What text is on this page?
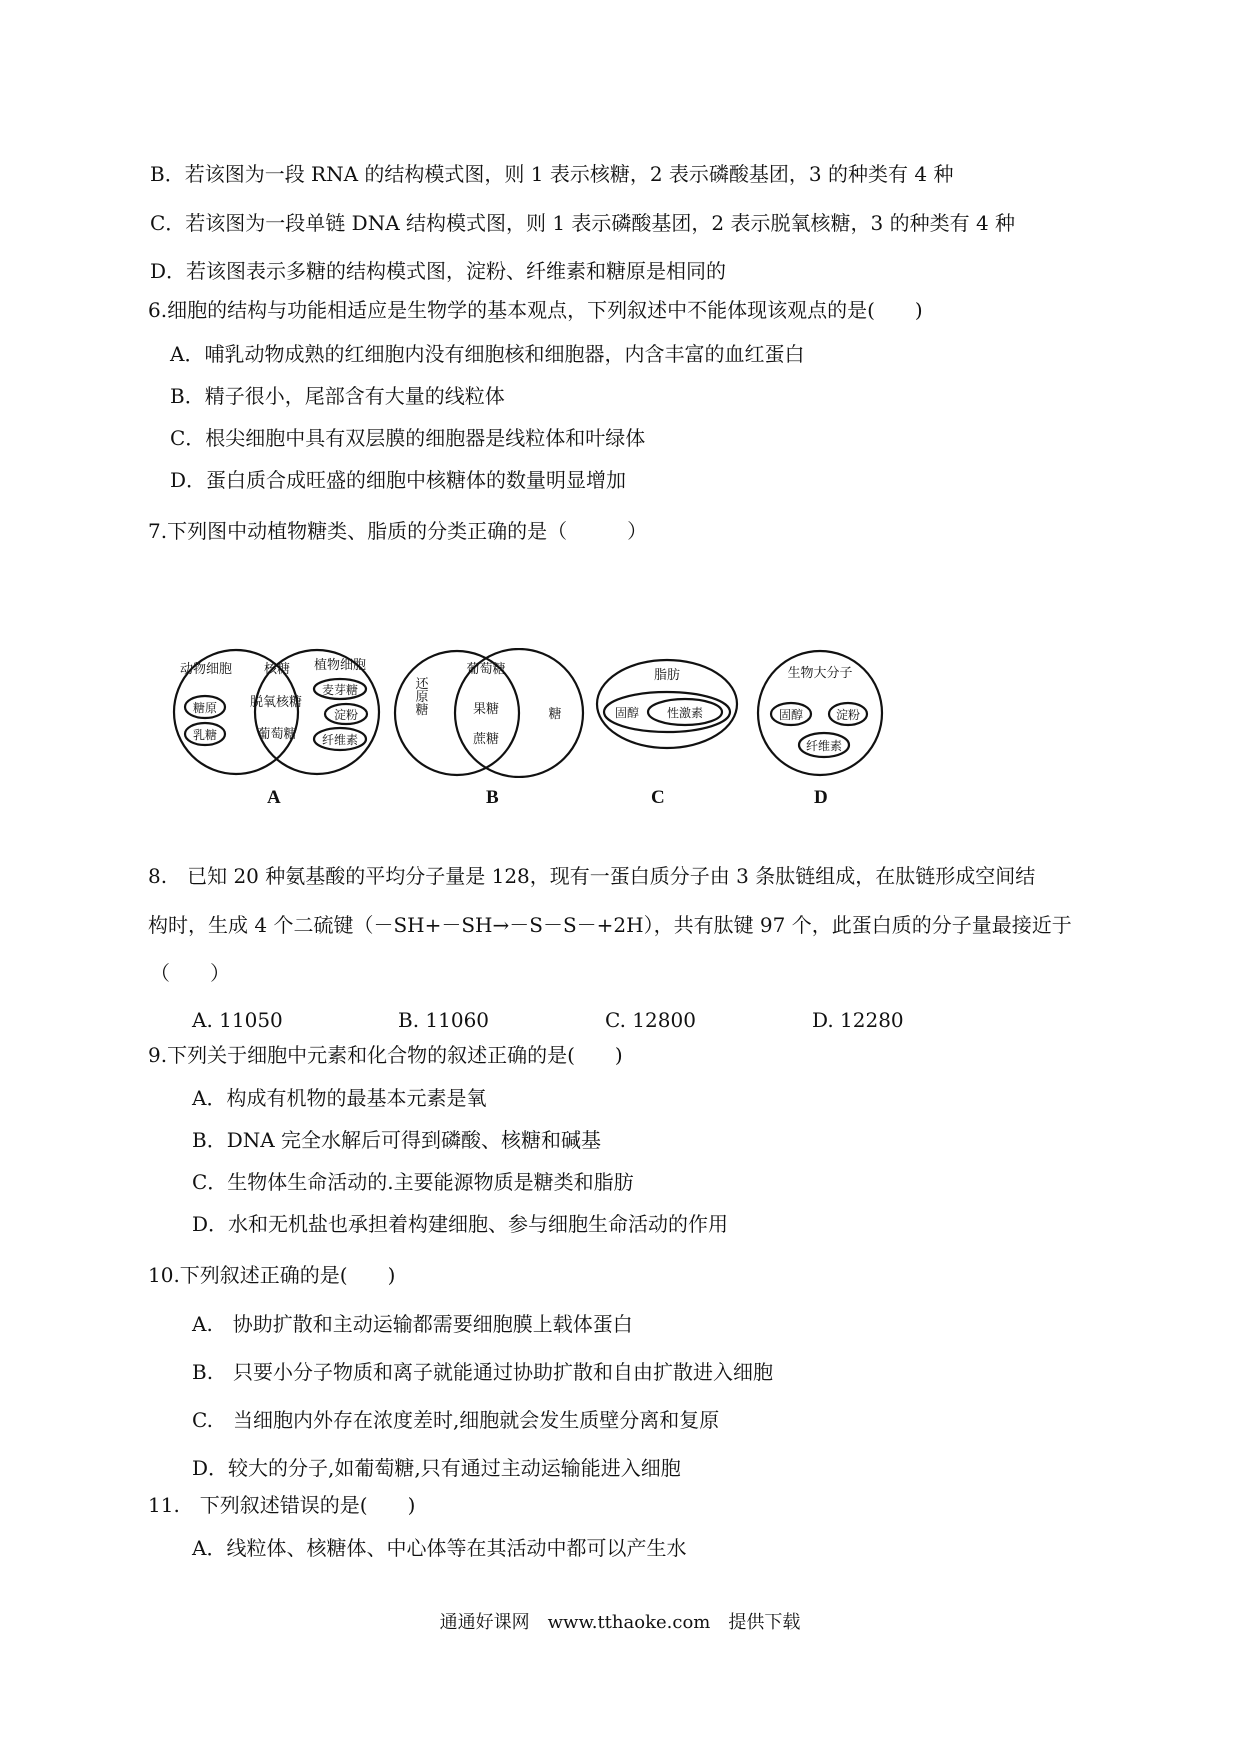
B．若该图为一段 RNA 的结构模式图，则 1 表示核糖，2 表示磷酸基团，3 的种类有 4 种
C．若该图为一段单链 DNA 结构模式图，则 1 表示磷酸基团，2 表示脱氧核糖，3 的种类有 4 种
D．若该图表示多糖的结构模式图，淀粉、纤维素和糖原是相同的
6.细胞的结构与功能相适应是生物学的基本观点，下列叙述中不能体现该观点的是(　　)
A．哺乳动物成熟的红细胞内没有细胞核和细胞器，内含丰富的血红蛋白
B．精子很小，尾部含有大量的线粒体
C．根尖细胞中具有双层膜的细胞器是线粒体和叶绿体
D．蛋白质合成旺盛的细胞中核糖体的数量明显增加
7.下列图中动植物糖类、脂质的分类正确的是（　　　）
动物细胞
糖原
乳糖
核糖
脱氧核糖
葡萄糖
植物细胞
麦芽糖
淀粉
纤维素
A
还原糖
葡萄糖
果糖
蔗糖
糖
B
脂肪
固醇 性激素
C
生物大分子
固醇	淀粉
纤维素
D
8.　已知 20 种氨基酸的平均分子量是 128，现有一蛋白质分子由 3 条肽链组成，在肽链形成空间结
构时，生成 4 个二硫键（－SH+－SH→－S－S－+2H），共有肽键 97 个，此蛋白质的分子量最接近于
（　　）
A. 11050	B. 11060	C. 12800	D. 12280
9.下列关于细胞中元素和化合物的叙述正确的是(　　)
A．构成有机物的最基本元素是氧
B．DNA 完全水解后可得到磷酸、核糖和碱基
C．生物体生命活动的.主要能源物质是糖类和脂肪
D．水和无机盐也承担着构建细胞、参与细胞生命活动的作用
10.下列叙述正确的是(　　)
A.　协助扩散和主动运输都需要细胞膜上载体蛋白
B.　只要小分子物质和离子就能通过协助扩散和自由扩散进入细胞
C.　当细胞内外存在浓度差时,细胞就会发生质壁分离和复原
D．较大的分子,如葡萄糖,只有通过主动运输能进入细胞
11.　下列叙述错误的是(　　)
A．线粒体、核糖体、中心体等在其活动中都可以产生水
通通好课网　www.tthaoke.com　提供下载
